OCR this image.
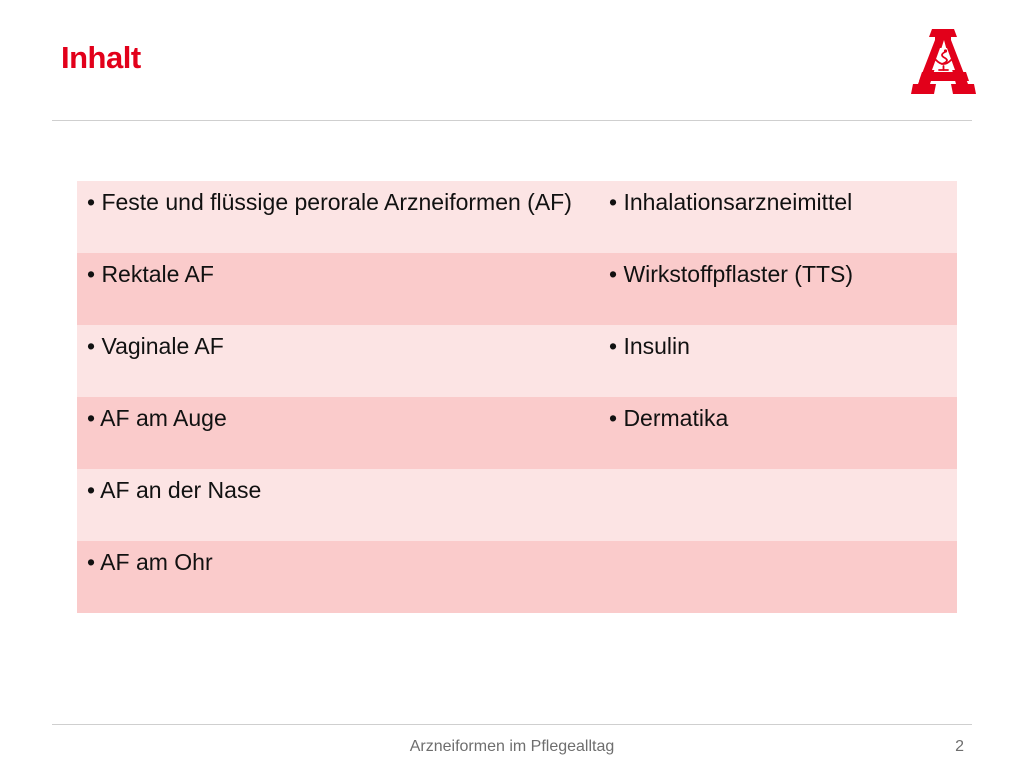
Inhalt
• Feste und flüssige perorale Arzneiformen (AF)	• Inhalationsarzneimittel
• Rektale AF	• Wirkstoffpflaster (TTS)
• Vaginale AF	• Insulin
• AF am Auge	• Dermatika
• AF an der Nase	
• AF am Ohr	
Arzneiformen im Pflegealltag	2
